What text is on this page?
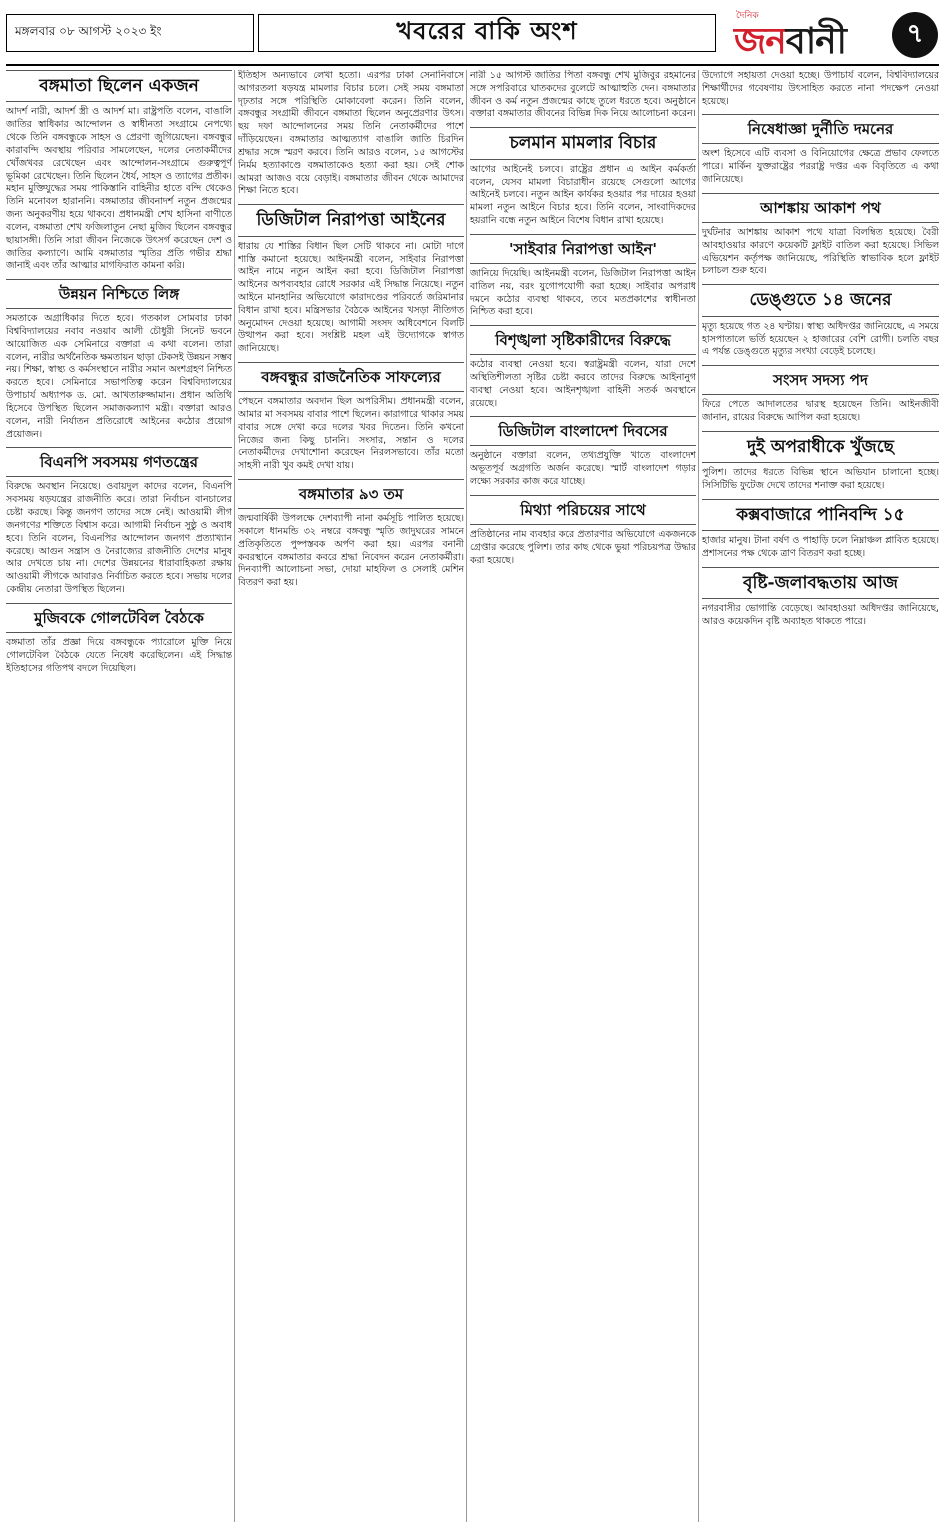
মঙ্গলবার ০৮ আগস্ট ২০২৩ ইং	খবরের বাকি অংশ	দৈনিক
জনবানী	৭
বঙ্গমাতা ছিলেন একজন
আদর্শ নারী, আদর্শ স্ত্রী ও আদর্শ মা। রাষ্ট্রপতি বলেন, বাঙালি জাতির স্বাধিকার আন্দোলন ও স্বাধীনতা সংগ্রামে নেপথ্যে থেকে তিনি বঙ্গবন্ধুকে সাহস ও প্রেরণা জুগিয়েছেন। বঙ্গবন্ধুর কারাবন্দি অবস্থায় পরিবার সামলেছেন, দলের নেতাকর্মীদের খোঁজখবর রেখেছেন এবং আন্দোলন-সংগ্রামে গুরুত্বপূর্ণ ভূমিকা রেখেছেন। তিনি ছিলেন ধৈর্য, সাহস ও ত্যাগের প্রতীক। মহান মুক্তিযুদ্ধের সময় পাকিস্তানি বাহিনীর হাতে বন্দি থেকেও তিনি মনোবল হারাননি। বঙ্গমাতার জীবনাদর্শ নতুন প্রজন্মের জন্য অনুকরণীয় হয়ে থাকবে। প্রধানমন্ত্রী শেখ হাসিনা বাণীতে বলেন, বঙ্গমাতা শেখ ফজিলাতুন নেছা মুজিব ছিলেন বঙ্গবন্ধুর ছায়াসঙ্গী। তিনি সারা জীবন নিজেকে উৎসর্গ করেছেন দেশ ও জাতির কল্যাণে। আমি বঙ্গমাতার স্মৃতির প্রতি গভীর শ্রদ্ধা জানাই এবং তাঁর আত্মার মাগফিরাত কামনা করি।
উন্নয়ন নিশ্চিতে লিঙ্গ
সমতাকে অগ্রাধিকার দিতে হবে। গতকাল সোমবার ঢাকা বিশ্ববিদ্যালয়ের নবাব নওয়াব আলী চৌধুরী সিনেট ভবনে আয়োজিত এক সেমিনারে বক্তারা এ কথা বলেন। তারা বলেন, নারীর অর্থনৈতিক ক্ষমতায়ন ছাড়া টেকসই উন্নয়ন সম্ভব নয়। শিক্ষা, স্বাস্থ্য ও কর্মসংস্থানে নারীর সমান অংশগ্রহণ নিশ্চিত করতে হবে। সেমিনারে সভাপতিত্ব করেন বিশ্ববিদ্যালয়ের উপাচার্য অধ্যাপক ড. মো. আখতারুজ্জামান। প্রধান অতিথি হিসেবে উপস্থিত ছিলেন সমাজকল্যাণ মন্ত্রী। বক্তারা আরও বলেন, নারী নির্যাতন প্রতিরোধে আইনের কঠোর প্রয়োগ প্রয়োজন।
বিএনপি সবসময় গণতন্ত্রের
বিরুদ্ধে অবস্থান নিয়েছে। ওবায়দুল কাদের বলেন, বিএনপি সবসময় ষড়যন্ত্রের রাজনীতি করে। তারা নির্বাচন বানচালের চেষ্টা করছে। কিন্তু জনগণ তাদের সঙ্গে নেই। আওয়ামী লীগ জনগণের শক্তিতে বিশ্বাস করে। আগামী নির্বাচন সুষ্ঠু ও অবাধ হবে। তিনি বলেন, বিএনপির আন্দোলন জনগণ প্রত্যাখ্যান করেছে। আগুন সন্ত্রাস ও নৈরাজ্যের রাজনীতি দেশের মানুষ আর দেখতে চায় না। দেশের উন্নয়নের ধারাবাহিকতা রক্ষায় আওয়ামী লীগকে আবারও নির্বাচিত করতে হবে। সভায় দলের কেন্দ্রীয় নেতারা উপস্থিত ছিলেন।
মুজিবকে গোলটেবিল বৈঠকে
বঙ্গমাতা তাঁর প্রজ্ঞা দিয়ে বঙ্গবন্ধুকে প্যারোলে মুক্তি নিয়ে গোলটেবিল বৈঠকে যেতে নিষেধ করেছিলেন। এই সিদ্ধান্ত ইতিহাসের গতিপথ বদলে দিয়েছিল।
ইতিহাস অন্যভাবে লেখা হতো। এরপর ঢাকা সেনানিবাসে আগরতলা ষড়যন্ত্র মামলার বিচার চলে। সেই সময় বঙ্গমাতা দৃঢ়তার সঙ্গে পরিস্থিতি মোকাবেলা করেন। তিনি বলেন, বঙ্গবন্ধুর সংগ্রামী জীবনে বঙ্গমাতা ছিলেন অনুপ্রেরণার উৎস। ছয় দফা আন্দোলনের সময় তিনি নেতাকর্মীদের পাশে দাঁড়িয়েছেন। বঙ্গমাতার আত্মত্যাগ বাঙালি জাতি চিরদিন শ্রদ্ধার সঙ্গে স্মরণ করবে। তিনি আরও বলেন, ১৫ আগস্টের নির্মম হত্যাকাণ্ডে বঙ্গমাতাকেও হত্যা করা হয়। সেই শোক আমরা আজও বয়ে বেড়াই। বঙ্গমাতার জীবন থেকে আমাদের শিক্ষা নিতে হবে।
ডিজিটাল নিরাপত্তা আইনের
ধারায় যে শাস্তির বিধান ছিল সেটি থাকবে না। মোটা দাগে শাস্তি কমানো হয়েছে। আইনমন্ত্রী বলেন, সাইবার নিরাপত্তা আইন নামে নতুন আইন করা হবে। ডিজিটাল নিরাপত্তা আইনের অপব্যবহার রোধে সরকার এই সিদ্ধান্ত নিয়েছে। নতুন আইনে মানহানির অভিযোগে কারাদণ্ডের পরিবর্তে জরিমানার বিধান রাখা হবে। মন্ত্রিসভার বৈঠকে আইনের খসড়া নীতিগত অনুমোদন দেওয়া হয়েছে। আগামী সংসদ অধিবেশনে বিলটি উত্থাপন করা হবে। সংশ্লিষ্ট মহল এই উদ্যোগকে স্বাগত জানিয়েছে।
বঙ্গবন্ধুর রাজনৈতিক সাফল্যের
পেছনে বঙ্গমাতার অবদান ছিল অপরিসীম। প্রধানমন্ত্রী বলেন, আমার মা সবসময় বাবার পাশে ছিলেন। কারাগারে থাকার সময় বাবার সঙ্গে দেখা করে দলের খবর দিতেন। তিনি কখনো নিজের জন্য কিছু চাননি। সংসার, সন্তান ও দলের নেতাকর্মীদের দেখাশোনা করেছেন নিরলসভাবে। তাঁর মতো সাহসী নারী খুব কমই দেখা যায়।
বঙ্গমাতার ৯৩ তম
জন্মবার্ষিকী উপলক্ষে দেশব্যাপী নানা কর্মসূচি পালিত হয়েছে। সকালে ধানমন্ডি ৩২ নম্বরে বঙ্গবন্ধু স্মৃতি জাদুঘরের সামনে প্রতিকৃতিতে পুষ্পস্তবক অর্পণ করা হয়। এরপর বনানী কবরস্থানে বঙ্গমাতার কবরে শ্রদ্ধা নিবেদন করেন নেতাকর্মীরা। দিনব্যাপী আলোচনা সভা, দোয়া মাহফিল ও সেলাই মেশিন বিতরণ করা হয়।
নারী ১৫ আগস্ট জাতির পিতা বঙ্গবন্ধু শেখ মুজিবুর রহমানের সঙ্গে সপরিবারে ঘাতকদের বুলেটে আত্মাহুতি দেন। বঙ্গমাতার জীবন ও কর্ম নতুন প্রজন্মের কাছে তুলে ধরতে হবে। অনুষ্ঠানে বক্তারা বঙ্গমাতার জীবনের বিভিন্ন দিক নিয়ে আলোচনা করেন।
চলমান মামলার বিচার
আগের আইনেই চলবে। রাষ্ট্রের প্রধান এ আইন কর্মকর্তা বলেন, যেসব মামলা বিচারাধীন রয়েছে সেগুলো আগের আইনেই চলবে। নতুন আইন কার্যকর হওয়ার পর দায়ের হওয়া মামলা নতুন আইনে বিচার হবে। তিনি বলেন, সাংবাদিকদের হয়রানি বন্ধে নতুন আইনে বিশেষ বিধান রাখা হয়েছে।
'সাইবার নিরাপত্তা আইন'
জানিয়ে দিয়েছি। আইনমন্ত্রী বলেন, ডিজিটাল নিরাপত্তা আইন বাতিল নয়, বরং যুগোপযোগী করা হচ্ছে। সাইবার অপরাধ দমনে কঠোর ব্যবস্থা থাকবে, তবে মতপ্রকাশের স্বাধীনতা নিশ্চিত করা হবে।
বিশৃঙ্খলা সৃষ্টিকারীদের বিরুদ্ধে
কঠোর ব্যবস্থা নেওয়া হবে। স্বরাষ্ট্রমন্ত্রী বলেন, যারা দেশে অস্থিতিশীলতা সৃষ্টির চেষ্টা করবে তাদের বিরুদ্ধে আইনানুগ ব্যবস্থা নেওয়া হবে। আইনশৃঙ্খলা বাহিনী সতর্ক অবস্থানে রয়েছে।
ডিজিটাল বাংলাদেশ দিবসের
অনুষ্ঠানে বক্তারা বলেন, তথ্যপ্রযুক্তি খাতে বাংলাদেশ অভূতপূর্ব অগ্রগতি অর্জন করেছে। স্মার্ট বাংলাদেশ গড়ার লক্ষ্যে সরকার কাজ করে যাচ্ছে।
মিথ্যা পরিচয়ের সাথে
প্রতিষ্ঠানের নাম ব্যবহার করে প্রতারণার অভিযোগে একজনকে গ্রেপ্তার করেছে পুলিশ। তার কাছ থেকে ভুয়া পরিচয়পত্র উদ্ধার করা হয়েছে।
উদ্যোগে সহায়তা দেওয়া হচ্ছে। উপাচার্য বলেন, বিশ্ববিদ্যালয়ের শিক্ষার্থীদের গবেষণায় উৎসাহিত করতে নানা পদক্ষেপ নেওয়া হয়েছে।
নিষেধাজ্ঞা দুর্নীতি দমনের
অংশ হিসেবে এটি ব্যবসা ও বিনিয়োগের ক্ষেত্রে প্রভাব ফেলতে পারে। মার্কিন যুক্তরাষ্ট্রের পররাষ্ট্র দপ্তর এক বিবৃতিতে এ কথা জানিয়েছে।
আশঙ্কায় আকাশ পথ
দুর্ঘটনার আশঙ্কায় আকাশ পথে যাত্রা বিলম্বিত হয়েছে। বৈরী আবহাওয়ার কারণে কয়েকটি ফ্লাইট বাতিল করা হয়েছে। সিভিল এভিয়েশন কর্তৃপক্ষ জানিয়েছে, পরিস্থিতি স্বাভাবিক হলে ফ্লাইট চলাচল শুরু হবে।
ডেঙ্গুতে ১৪ জনের
মৃত্যু হয়েছে গত ২৪ ঘণ্টায়। স্বাস্থ্য অধিদপ্তর জানিয়েছে, এ সময়ে হাসপাতালে ভর্তি হয়েছেন ২ হাজারের বেশি রোগী। চলতি বছর এ পর্যন্ত ডেঙ্গুতে মৃত্যুর সংখ্যা বেড়েই চলেছে।
সংসদ সদস্য পদ
ফিরে পেতে আদালতের দ্বারস্থ হয়েছেন তিনি। আইনজীবী জানান, রায়ের বিরুদ্ধে আপিল করা হয়েছে।
দুই অপরাধীকে খুঁজছে
পুলিশ। তাদের ধরতে বিভিন্ন স্থানে অভিযান চালানো হচ্ছে। সিসিটিভি ফুটেজ দেখে তাদের শনাক্ত করা হয়েছে।
কক্সবাজারে পানিবন্দি ১৫
হাজার মানুষ। টানা বর্ষণ ও পাহাড়ি ঢলে নিম্নাঞ্চল প্লাবিত হয়েছে। প্রশাসনের পক্ষ থেকে ত্রাণ বিতরণ করা হচ্ছে।
বৃষ্টি-জলাবদ্ধতায় আজ
নগরবাসীর ভোগান্তি বেড়েছে। আবহাওয়া অধিদপ্তর জানিয়েছে, আরও কয়েকদিন বৃষ্টি অব্যাহত থাকতে পারে।
